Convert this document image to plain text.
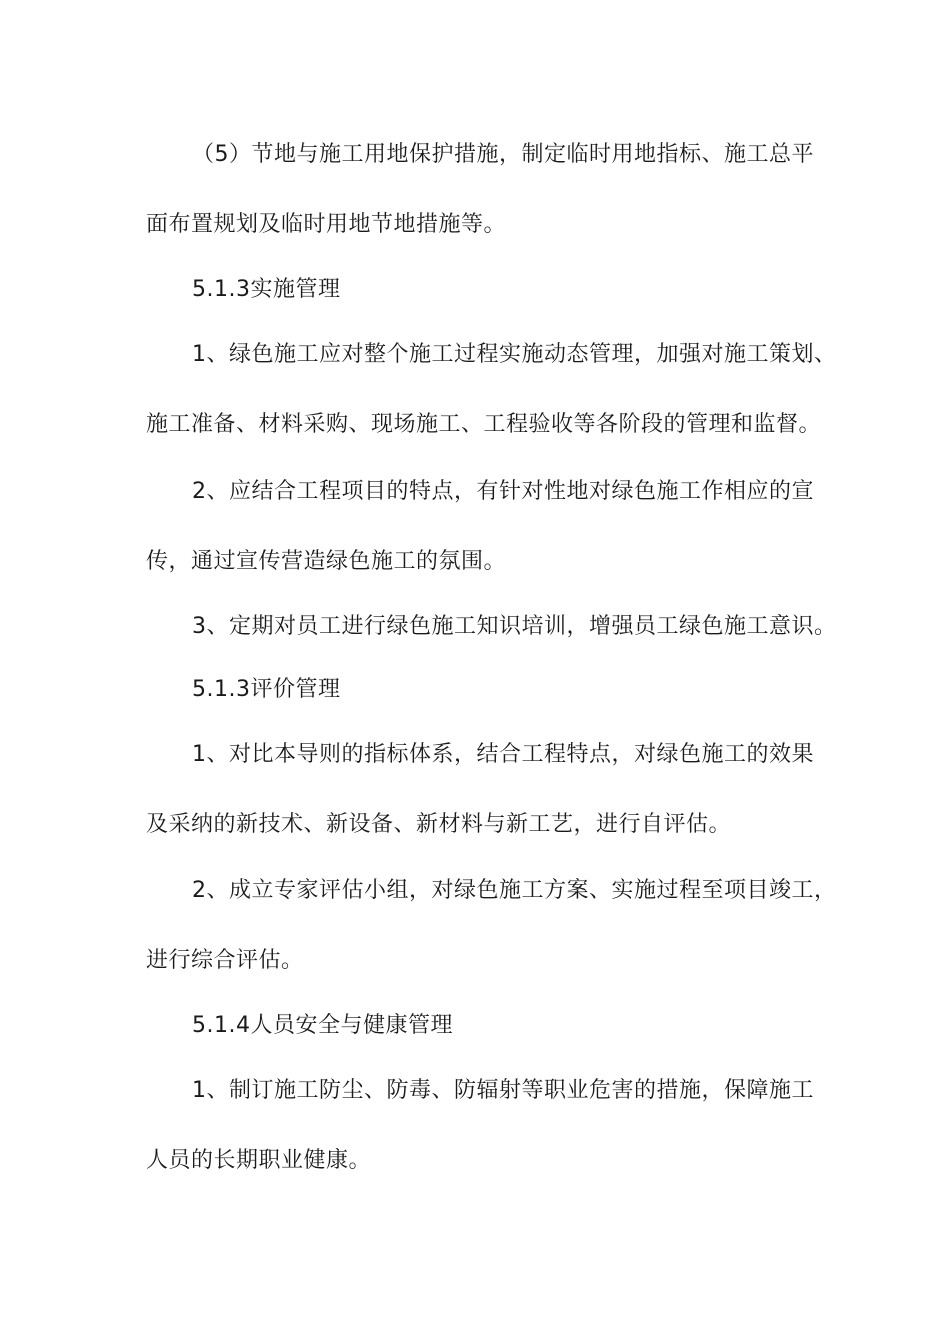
（5）节地与施工用地保护措施，制定临时用地指标、施工总平
面布置规划及临时用地节地措施等。
5.1.3实施管理
1、绿色施工应对整个施工过程实施动态管理，加强对施工策划、
施工准备、材料采购、现场施工、工程验收等各阶段的管理和监督。
2、应结合工程项目的特点，有针对性地对绿色施工作相应的宣
传，通过宣传营造绿色施工的氛围。
3、定期对员工进行绿色施工知识培训，增强员工绿色施工意识。
5.1.3评价管理
1、对比本导则的指标体系，结合工程特点，对绿色施工的效果
及采纳的新技术、新设备、新材料与新工艺，进行自评估。
2、成立专家评估小组，对绿色施工方案、实施过程至项目竣工，
进行综合评估。
5.1.4人员安全与健康管理
1、制订施工防尘、防毒、防辐射等职业危害的措施，保障施工
人员的长期职业健康。
